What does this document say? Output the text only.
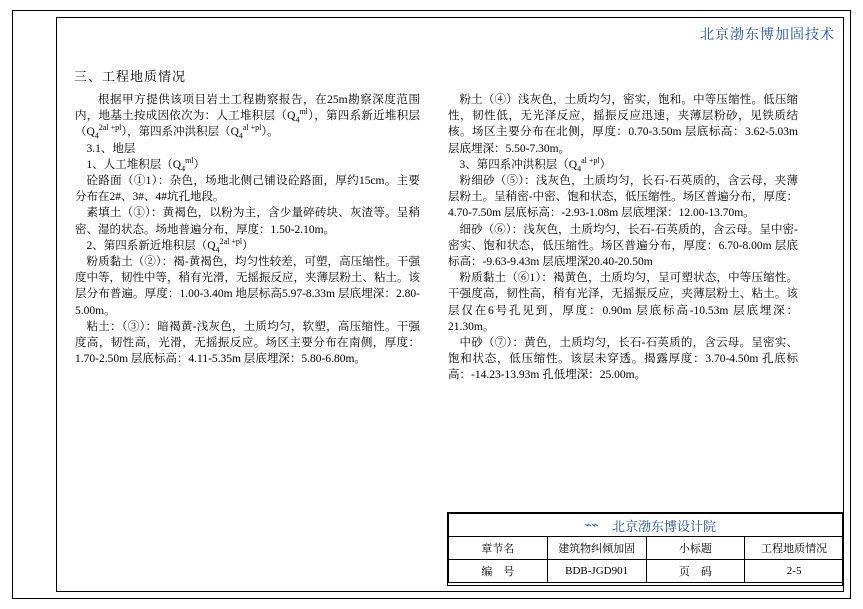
北京渤东博加固技术
三、工程地质情况

根据甲方提供该项目岩土工程勘察报告，在25m勘察深度范围内，地基土按成因依次为：人工堆积层$(Q_4^{ml})$，第四系新近堆积层$(Q_4^{2al +pl})$，第四系冲洪积层$(Q_4^{al +pl})$。

3.1、地层

1、人工堆积层$(Q_4^{ml})$

砼路面（①1）：杂色，场地北侧己铺设砼路面，厚约15cm。主要分布在2#、3#、4#坑孔地段。

素填土（①）：黄褐色，以粉为主，含少量碎砖块、灰渣等。呈稍密、湿的状态。场地普遍分布，厚度：1.50-2.10m。

2、第四系新近堆积层$(Q_4^{2al +pl})$

粉质黏土（②）：褐-黄褐色，均匀性较差，可塑，高压缩性。干强度中等，韧性中等，稍有光滑，无摇振反应，夹薄层粉土、粘土。该层分布普遍。厚度：1.00-3.40m 地层标高5.97-8.33m 层底埋深：2.80-5.00m。

粘土：（③）：暗褐黄-浅灰色，土质均匀，软塑，高压缩性。干强度高，韧性高，光滑，无摇振反应。场区主要分布在南侧，厚度：1.70-2.50m 层底标高：4.11-5.35m 层底埋深：5.80-6.80m。

粉土（④）浅灰色，土质均匀，密实，饱和。中等压缩性。低压缩性，韧性低，无光泽反应，摇振反应迅速，夹薄层粉砂，见铁质结核。场区主要分布在北侧，厚度：0.70-3.50m 层底标高：3.62-5.03m 层底埋深：5.50-7.30m。

3、第四系冲洪积层$(Q_4^{al +pl})$

粉细砂（⑤）：浅灰色，土质均匀，长石-石英质的，含云母，夹薄层粉土。呈稍密-中密、饱和状态，低压缩性。场区普遍分布，厚度：4.70-7.50m 层底标高：-2.93-1.08m 层底埋深：12.00-13.70m。

细砂（⑥）：浅灰色，土质均匀，长石-石英质的，含云母。呈中密-密实、饱和状态，低压缩性。场区普遍分布，厚度：6.70-8.00m 层底标高：-9.63-9.43m 层底埋深20.40-20.50m

粉质黏土（⑥1）：褐黄色，土质均匀，呈可塑状态，中等压缩性。干强度高，韧性高，稍有光泽，无摇振反应，夹薄层粉土、粘土。该层仅在6号孔见到，厚度：0.90m 层底标高-10.53m 层底埋深：21.30m。

中砂（⑦）：黄色，土质均匀，长石-石英质的，含云母。呈密实、饱和状态，低压缩性。该层未穿透。揭露厚度：3.70-4.50m 孔底标高：-14.23-13.93m 孔低埋深：25.00m。

⌁⌁ 北京渤东博设计院			

章节名	建筑物纠倾加固	小标题	工程地质情况
编　号	BDB-JGD901	页　码	2-5
